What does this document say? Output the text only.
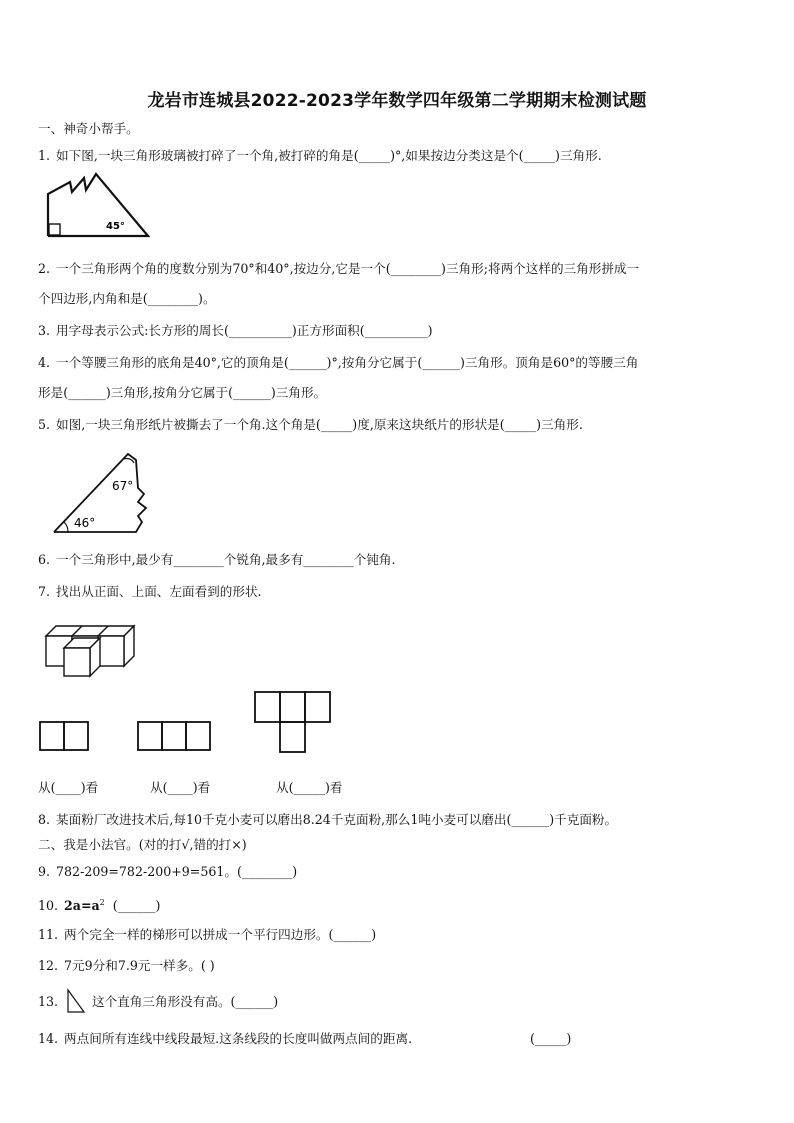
龙岩市连城县2022-2023学年数学四年级第二学期期末检测试题
一、神奇小帮手。
1. 如下图,一块三角形玻璃被打碎了一个角,被打碎的角是(_____)°,如果按边分类这是个(_____)三角形.
45°
2. 一个三角形两个角的度数分别为70°和40°,按边分,它是一个(________)三角形;将两个这样的三角形拼成一
个四边形,内角和是(________)。
3. 用字母表示公式:长方形的周长(__________)正方形面积(__________)
4. 一个等腰三角形的底角是40°,它的顶角是(______)°,按角分它属于(______)三角形。顶角是60°的等腰三角
形是(______)三角形,按角分它属于(______)三角形。
5. 如图,一块三角形纸片被撕去了一个角.这个角是(_____)度,原来这块纸片的形状是(_____)三角形.
67°
46°
6. 一个三角形中,最少有________个锐角,最多有________个钝角.
7. 找出从正面、上面、左面看到的形状.
从(____)看	从(____)看	从(_____)看
8. 某面粉厂改进技术后,每10千克小麦可以磨出8.24千克面粉,那么1吨小麦可以磨出(______)千克面粉。
二、我是小法官。(对的打√,错的打×)
9. 782-209=782-200+9=561。(________)
10. $2a=a^2$ (______)
11. 两个完全一样的梯形可以拼成一个平行四边形。(______)
12. 7元9分和7.9元一样多。( )
13.	这个直角三角形没有高。(______)
14. 两点间所有连线中线段最短.这条线段的长度叫做两点间的距离.	(_____)
